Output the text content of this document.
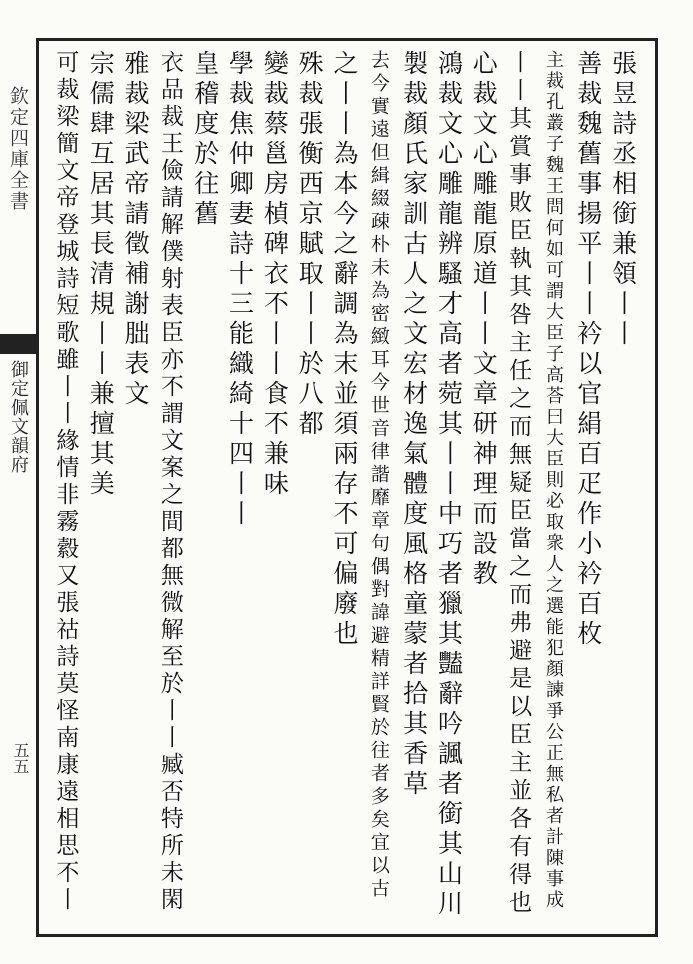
欽定四庫全書
御定佩文韻府
五五
張昱詩丞相銜兼領丨丨
善裁魏舊事揚平丨丨衿以官絹百疋作小衿百枚
主裁孔叢子魏王問何如可謂大臣子高荅曰大臣則必取衆人之選能犯顏諫爭公正無私者計陳事成
丨丨其賞事敗臣執其咎主任之而無疑臣當之而弗避是以臣主並各有得也
心裁文心雕龍原道丨丨文章研神理而設教
鴻裁文心雕龍辨騷才高者菀其丨丨中巧者獵其豔辭吟諷者銜其山川
製裁顏氏家訓古人之文宏材逸氣體度風格童蒙者拾其香草
去今實遠但緝綴疎朴未為密緻耳今世音律諧靡章句偶對諱避精詳賢於往者多矣宜以古
之丨丨為本今之辭調為末並須兩存不可偏廢也
殊裁張衡西京賦取丨丨於八都
變裁蔡邕房楨碑衣不丨丨食不兼味
學裁焦仲卿妻詩十三能織綺十四丨丨
皇稽度於往舊
衣品裁王儉請解僕射表臣亦不謂文案之間都無微解至於丨丨臧否特所未閑
雅裁梁武帝請徵補謝朏表文
宗儒肆互居其長清規丨丨兼擅其美
可裁梁簡文帝登城詩短歌雖丨丨緣情非霧縠又張祜詩莫怪南康遠相思不丨
